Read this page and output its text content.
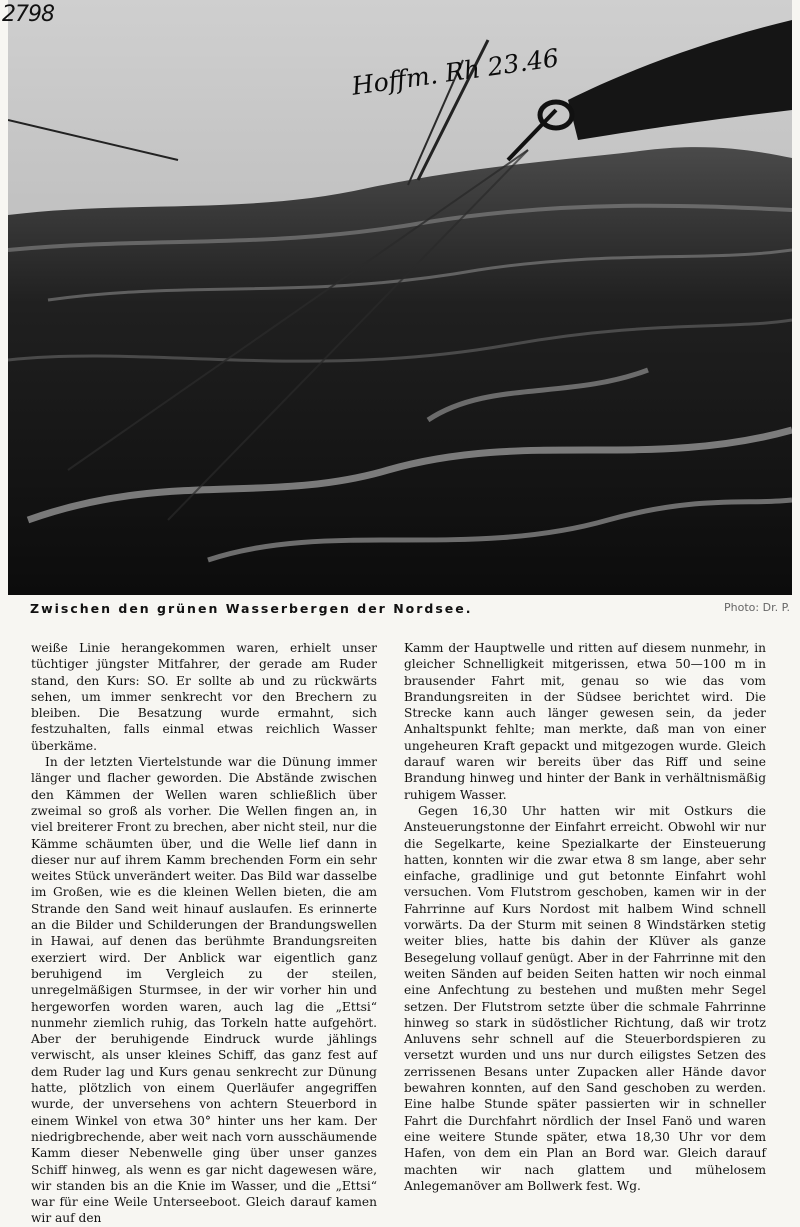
2798
Hoffm. Rh 23.46
Zwischen den grünen Wasserbergen der Nordsee.	Photo: Dr. P.

weiße Linie herangekommen waren, erhielt unser tüchtiger jüngster Mitfahrer, der gerade am Ruder stand, den Kurs: SO. Er sollte ab und zu rückwärts sehen, um immer senkrecht vor den Brechern zu bleiben. Die Besatzung wurde ermahnt, sich festzuhalten, falls einmal etwas reichlich Wasser überkäme.

In der letzten Viertelstunde war die Dünung immer länger und flacher geworden. Die Abstände zwischen den Kämmen der Wellen waren schließlich über zweimal so groß als vorher. Die Wellen fingen an, in viel breiterer Front zu brechen, aber nicht steil, nur die Kämme schäumten über, und die Welle lief dann in dieser nur auf ihrem Kamm brechenden Form ein sehr weites Stück unverändert weiter. Das Bild war dasselbe im Großen, wie es die kleinen Wellen bieten, die am Strande den Sand weit hinauf auslaufen. Es erinnerte an die Bilder und Schilderungen der Brandungswellen in Hawai, auf denen das berühmte Brandungsreiten exerziert wird. Der Anblick war eigentlich ganz beruhigend im Vergleich zu der steilen, unregelmäßigen Sturmsee, in der wir vorher hin und hergeworfen worden waren, auch lag die „Ettsi“ nunmehr ziemlich ruhig, das Torkeln hatte aufgehört. Aber der beruhigende Eindruck wurde jählings verwischt, als unser kleines Schiff, das ganz fest auf dem Ruder lag und Kurs genau senkrecht zur Dünung hatte, plötzlich von einem Querläufer angegriffen wurde, der unversehens von achtern Steuerbord in einem Winkel von etwa 30° hinter uns her kam. Der niedrigbrechende, aber weit nach vorn ausschäumende Kamm dieser Nebenwelle ging über unser ganzes Schiff hinweg, als wenn es gar nicht dagewesen wäre, wir standen bis an die Knie im Wasser, und die „Ettsi“ war für eine Weile Unterseeboot. Gleich darauf kamen wir auf den

Kamm der Hauptwelle und ritten auf diesem nunmehr, in gleicher Schnelligkeit mitgerissen, etwa 50—100 m in brausender Fahrt mit, genau so wie das vom Brandungsreiten in der Südsee berichtet wird. Die Strecke kann auch länger gewesen sein, da jeder Anhaltspunkt fehlte; man merkte, daß man von einer ungeheuren Kraft gepackt und mitgezogen wurde. Gleich darauf waren wir bereits über das Riff und seine Brandung hinweg und hinter der Bank in verhältnismäßig ruhigem Wasser.

Gegen 16,30 Uhr hatten wir mit Ostkurs die Ansteuerungstonne der Einfahrt erreicht. Obwohl wir nur die Segelkarte, keine Spezialkarte der Einsteuerung hatten, konnten wir die zwar etwa 8 sm lange, aber sehr einfache, gradlinige und gut betonnte Einfahrt wohl versuchen. Vom Flutstrom geschoben, kamen wir in der Fahrrinne auf Kurs Nordost mit halbem Wind schnell vorwärts. Da der Sturm mit seinen 8 Windstärken stetig weiter blies, hatte bis dahin der Klüver als ganze Besegelung vollauf genügt. Aber in der Fahrrinne mit den weiten Sänden auf beiden Seiten hatten wir noch einmal eine Anfechtung zu bestehen und mußten mehr Segel setzen. Der Flutstrom setzte über die schmale Fahrrinne hinweg so stark in südöstlicher Richtung, daß wir trotz Anluvens sehr schnell auf die Steuerbordspieren zu versetzt wurden und uns nur durch eiligstes Setzen des zerrissenen Besans unter Zupacken aller Hände davor bewahren konnten, auf den Sand geschoben zu werden. Eine halbe Stunde später passierten wir in schneller Fahrt die Durchfahrt nördlich der Insel Fanö und waren eine weitere Stunde später, etwa 18,30 Uhr vor dem Hafen, von dem ein Plan an Bord war. Gleich darauf machten wir nach glattem und mühelosem Anlegemanöver am Bollwerk fest. Wg.
